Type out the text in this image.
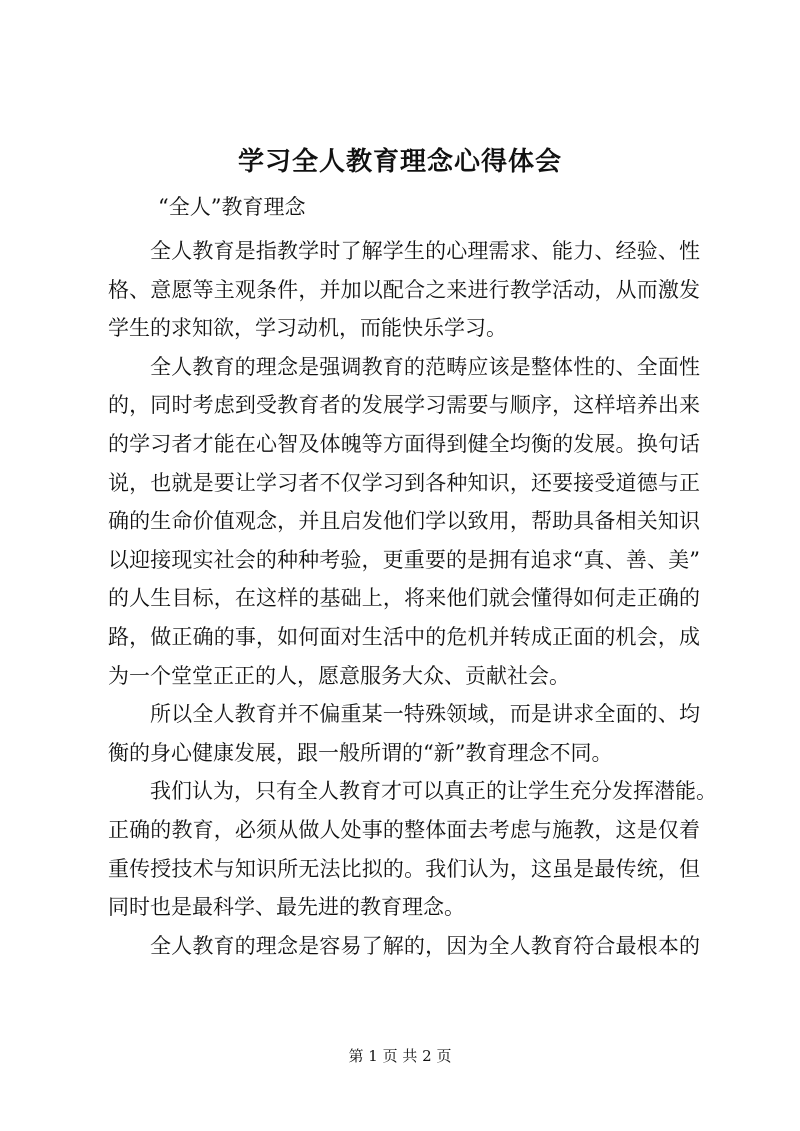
学习全人教育理念心得体会

“全人”教育理念

全人教育是指教学时了解学生的心理需求、能力、经验、性
格、意愿等主观条件，并加以配合之来进行教学活动，从而激发
学生的求知欲，学习动机，而能快乐学习。

全人教育的理念是强调教育的范畴应该是整体性的、全面性
的，同时考虑到受教育者的发展学习需要与顺序，这样培养出来
的学习者才能在心智及体魄等方面得到健全均衡的发展。换句话
说，也就是要让学习者不仅学习到各种知识，还要接受道德与正
确的生命价值观念，并且启发他们学以致用，帮助具备相关知识
以迎接现实社会的种种考验，更重要的是拥有追求“真、善、美”
的人生目标，在这样的基础上，将来他们就会懂得如何走正确的
路，做正确的事，如何面对生活中的危机并转成正面的机会，成
为一个堂堂正正的人，愿意服务大众、贡献社会。

所以全人教育并不偏重某一特殊领域，而是讲求全面的、均
衡的身心健康发展，跟一般所谓的“新”教育理念不同。

我们认为，只有全人教育才可以真正的让学生充分发挥潜能。
正确的教育，必须从做人处事的整体面去考虑与施教，这是仅着
重传授技术与知识所无法比拟的。我们认为，这虽是最传统，但
同时也是最科学、最先进的教育理念。

全人教育的理念是容易了解的，因为全人教育符合最根本的

第 1 页 共 2 页
